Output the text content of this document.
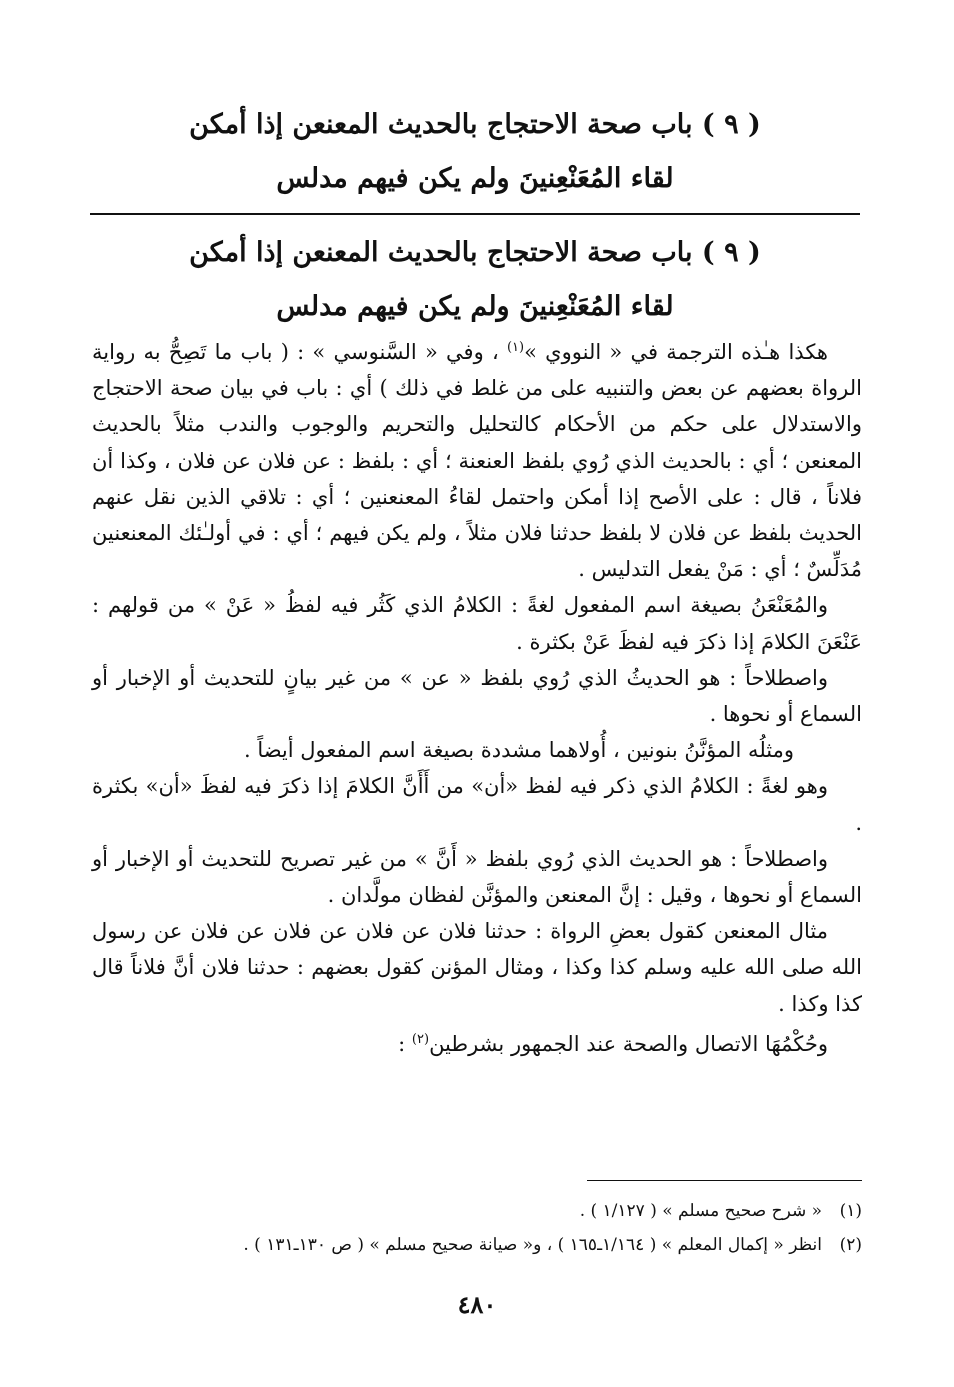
( ٩ ) باب صحة الاحتجاج بالحديث المعنعن إذا أمكن
لقاء المُعَنْعِنينَ ولم يكن فيهم مدلس
( ٩ ) باب صحة الاحتجاج بالحديث المعنعن إذا أمكن
لقاء المُعَنْعِنينَ ولم يكن فيهم مدلس

هكذا هـٰذه الترجمة في « النووي »$^{(١)}$ ، وفي « السَّنوسي » : ( باب ما تَصِحُّ به رواية الرواة بعضهم عن بعض والتنبيه على من غلط في ذلك ) أي : باب في بيان صحة الاحتجاج والاستدلال على حكم من الأحكام كالتحليل والتحريم والوجوب والندب مثلاً بالحديث المعنعن ؛ أي : بالحديث الذي رُوي بلفظ العنعنة ؛ أي : بلفظ : عن فلان عن فلان ، وكذا أن فلاناً ، قال : على الأصح إذا أمكن واحتمل لقاءُ المعنعنين ؛ أي : تلاقي الذين نقل عنهم الحديث بلفظ عن فلان لا بلفظ حدثنا فلان مثلاً ، ولم يكن فيهم ؛ أي : في أولـٰئك المعنعنين مُدَلِّسٌ ؛ أي : مَنْ يفعل التدليس .

والمُعَنْعَنُ بصيغة اسم المفعول لغةً : الكلامُ الذي كَثُر فيه لفظُ « عَنْ » من قولهم : عَنْعَنَ الكلامَ إذا ذكرَ فيه لفظَ عَنْ بكثرة .

واصطلاحاً : هو الحديثُ الذي رُوي بلفظ « عن » من غير بيانٍ للتحديث أو الإخبار أو السماع أو نحوها .

ومثلُه المؤنَّنُ بنونين ، أُولاهما مشددة بصيغة اسم المفعول أيضاً .

وهو لغةً : الكلامُ الذي ذكر فيه لفظ «أن» من أَأَنَّ الكلامَ إذا ذكرَ فيه لفظَ «أن» بكثرة .

واصطلاحاً : هو الحديث الذي رُوي بلفظ « أَنَّ » من غير تصريح للتحديث أو الإخبار أو السماع أو نحوها ، وقيل : إنَّ المعنعن والمؤنَّن لفظان مولَّدان .

مثال المعنعن كقول بعضِ الرواة : حدثنا فلان عن فلان عن فلان عن فلان عن رسول الله صلى الله عليه وسلم كذا وكذا ، ومثال المؤنن كقول بعضهم : حدثنا فلان أنَّ فلاناً قال كذا وكذا .

وحُكْمُهَا الاتصال والصحة عند الجمهور بشرطين$^{(٢)}$ :

(١)« شرح صحيح مسلم » ( ١/١٢٧ ) .

(٢)انظر « إكمال المعلم » ( ١/١٦٤ـ١٦٥ ) ، و« صيانة صحيح مسلم » ( ص ١٣٠ـ١٣١ ) .

٤٨٠
